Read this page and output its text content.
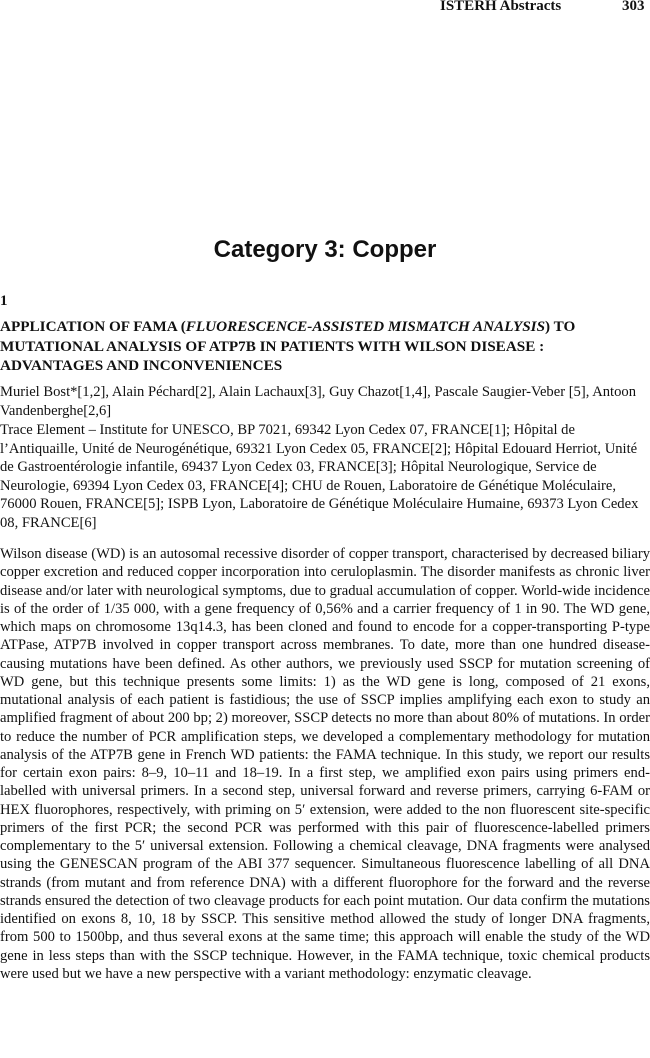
ISTERH Abstracts	303
Category 3: Copper
1
APPLICATION OF FAMA (FLUORESCENCE-ASSISTED MISMATCH ANALYSIS) TO MUTATIONAL ANALYSIS OF ATP7B IN PATIENTS WITH WILSON DISEASE : ADVANTAGES AND INCONVENIENCES
Muriel Bost*[1,2], Alain Péchard[2], Alain Lachaux[3], Guy Chazot[1,4], Pascale Saugier-Veber [5], Antoon Vandenberghe[2,6]
Trace Element – Institute for UNESCO, BP 7021, 69342 Lyon Cedex 07, FRANCE[1]; Hôpital de l’Antiquaille, Unité de Neurogénétique, 69321 Lyon Cedex 05, FRANCE[2]; Hôpital Edouard Herriot, Unité de Gastroentérologie infantile, 69437 Lyon Cedex 03, FRANCE[3]; Hôpital Neurologique, Service de Neurologie, 69394 Lyon Cedex 03, FRANCE[4]; CHU de Rouen, Laboratoire de Génétique Moléculaire, 76000 Rouen, FRANCE[5]; ISPB Lyon, Laboratoire de Génétique Moléculaire Humaine, 69373 Lyon Cedex 08, FRANCE[6]
Wilson disease (WD) is an autosomal recessive disorder of copper transport, characterised by decreased biliary copper excretion and reduced copper incorporation into ceruloplasmin. The disorder manifests as chronic liver disease and/or later with neurological symptoms, due to gradual accumulation of copper. World-wide incidence is of the order of 1/35 000, with a gene frequency of 0,56% and a carrier frequency of 1 in 90. The WD gene, which maps on chromosome 13q14.3, has been cloned and found to encode for a copper-transporting P-type ATPase, ATP7B involved in copper transport across membranes. To date, more than one hundred disease-causing mutations have been defined. As other authors, we previously used SSCP for mutation screening of WD gene, but this technique presents some limits: 1) as the WD gene is long, composed of 21 exons, mutational analysis of each patient is fastidious; the use of SSCP implies amplifying each exon to study an amplified fragment of about 200 bp; 2) moreover, SSCP detects no more than about 80% of mutations. In order to reduce the number of PCR amplification steps, we developed a complementary methodology for mutation analysis of the ATP7B gene in French WD patients: the FAMA technique. In this study, we report our results for certain exon pairs: 8–9, 10–11 and 18–19. In a first step, we amplified exon pairs using primers end-labelled with universal primers. In a second step, universal forward and reverse primers, carrying 6-FAM or HEX fluorophores, respectively, with priming on 5′ extension, were added to the non fluorescent site-specific primers of the first PCR; the second PCR was performed with this pair of fluorescence-labelled primers complementary to the 5′ universal extension. Following a chemical cleavage, DNA fragments were analysed using the GENESCAN program of the ABI 377 sequencer. Simultaneous fluorescence labelling of all DNA strands (from mutant and from reference DNA) with a different fluorophore for the forward and the reverse strands ensured the detection of two cleavage products for each point mutation. Our data confirm the mutations identified on exons 8, 10, 18 by SSCP. This sensitive method allowed the study of longer DNA fragments, from 500 to 1500bp, and thus several exons at the same time; this approach will enable the study of the WD gene in less steps than with the SSCP technique. However, in the FAMA technique, toxic chemical products were used but we have a new perspective with a variant methodology: enzymatic cleavage.
